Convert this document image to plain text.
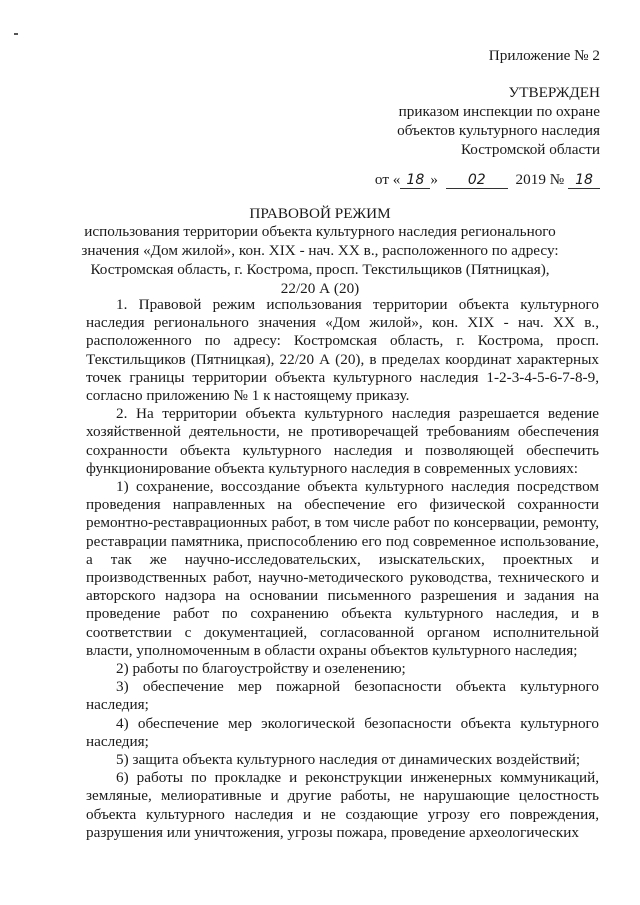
Приложение № 2
УТВЕРЖДЕН
приказом инспекции по охране
объектов культурного наследия
Костромской области
от « 18 » 02 2019 № 18
ПРАВОВОЙ РЕЖИМ
использования территории объекта культурного наследия регионального
значения «Дом жилой», кон. XIX - нач. XX в., расположенного по адресу:
Костромская область, г. Кострома, просп. Текстильщиков (Пятницкая),
22/20 А (20)

1. Правовой режим использования территории объекта культурного наследия регионального значения «Дом жилой», кон. XIX - нач. XX в., расположенного по адресу: Костромская область, г. Кострома, просп. Текстильщиков (Пятницкая), 22/20 А (20), в пределах координат характерных точек границы территории объекта культурного наследия 1-2-3-4-5-6-7-8-9, согласно приложению № 1 к настоящему приказу.

2. На территории объекта культурного наследия разрешается ведение хозяйственной деятельности, не противоречащей требованиям обеспечения сохранности объекта культурного наследия и позволяющей обеспечить функционирование объекта культурного наследия в современных условиях:

1) сохранение, воссоздание объекта культурного наследия посредством проведения направленных на обеспечение его физической сохранности ремонтно-реставрационных работ, в том числе работ по консервации, ремонту, реставрации памятника, приспособлению его под современное использование, а так же научно-исследовательских, изыскательских, проектных и производственных работ, научно-методического руководства, технического и авторского надзора на основании письменного разрешения и задания на проведение работ по сохранению объекта культурного наследия, и в соответствии с документацией, согласованной органом исполнительной власти, уполномоченным в области охраны объектов культурного наследия;

2) работы по благоустройству и озеленению;

3) обеспечение мер пожарной безопасности объекта культурного наследия;

4) обеспечение мер экологической безопасности объекта культурного наследия;

5) защита объекта культурного наследия от динамических воздействий;

6) работы по прокладке и реконструкции инженерных коммуникаций, земляные, мелиоративные и другие работы, не нарушающие целостность объекта культурного наследия и не создающие угрозу его повреждения, разрушения или уничтожения, угрозы пожара, проведение археологических
